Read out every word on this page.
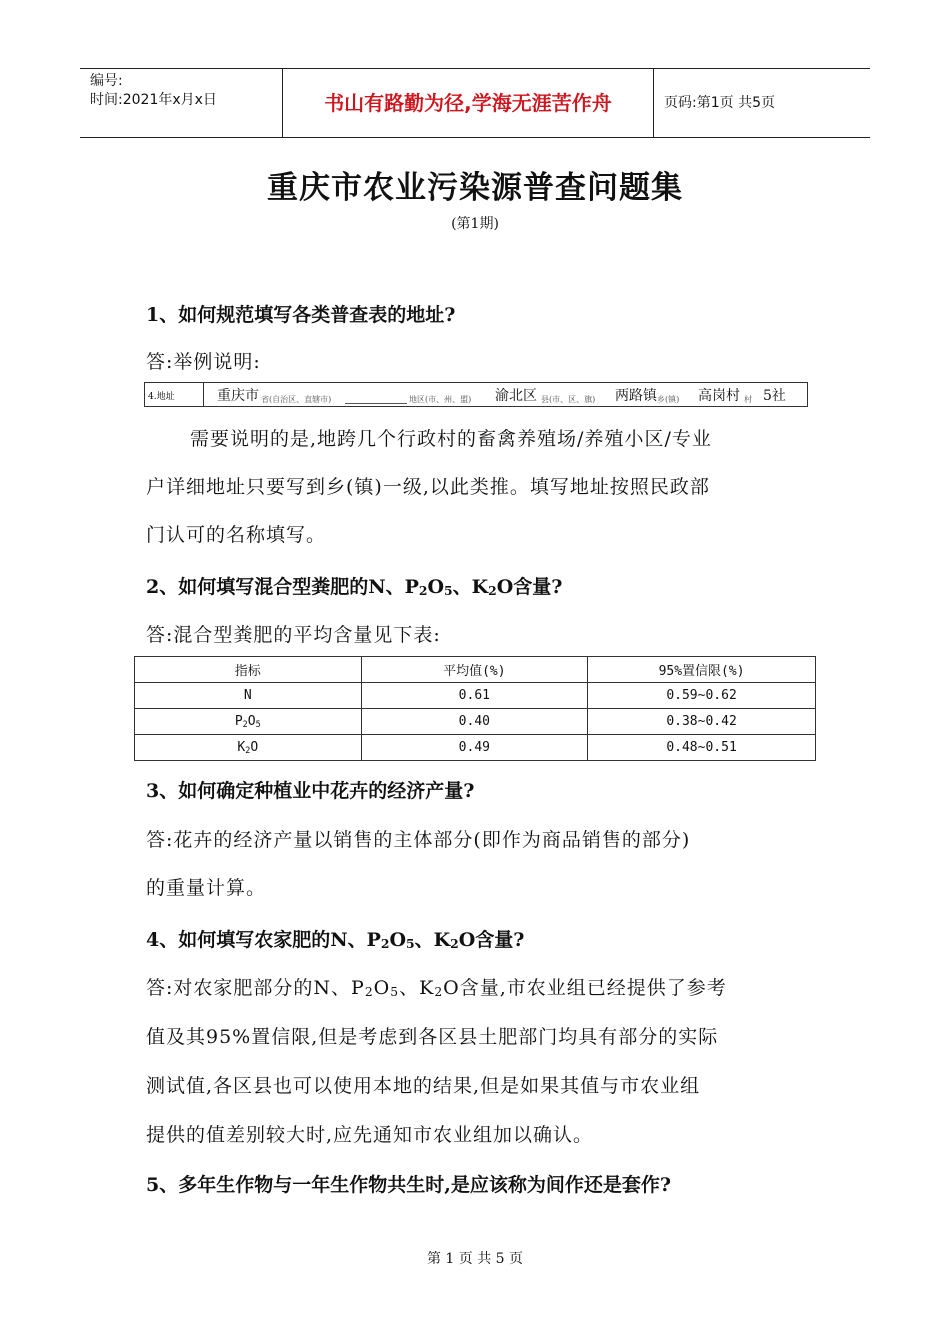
编号:
时间:2021年x月x日	书山有路勤为径,学海无涯苦作舟	页码:第1页 共5页
重庆市农业污染源普查问题集
(第1期)
1、如何规范填写各类普查表的地址?
答:举例说明:
4.地址	重庆市 省(自治区、直辖市)	地区(市、州、盟) 渝北区 县(市、区、旗) 两路镇 乡(镇) 高岗村 村 5社
需要说明的是,地跨几个行政村的畜禽养殖场/养殖小区/专业
户详细地址只要写到乡(镇)一级,以此类推。填写地址按照民政部
门认可的名称填写。
2、如何填写混合型粪肥的N、$P_2O_5$、$K_2O$含量?
答:混合型粪肥的平均含量见下表:
指标	平均值(%)	95%置信限(%)
N	0.61	0.59~0.62
$P_2O_5$	0.40	0.38~0.42
$K_2O$	0.49	0.48~0.51
3、如何确定种植业中花卉的经济产量?
答:花卉的经济产量以销售的主体部分(即作为商品销售的部分)
的重量计算。
4、如何填写农家肥的N、$P_2O_5$、$K_2O$含量?
答:对农家肥部分的N、$P_2O_5$、$K_2O$含量,市农业组已经提供了参考
值及其95%置信限,但是考虑到各区县土肥部门均具有部分的实际
测试值,各区县也可以使用本地的结果,但是如果其值与市农业组
提供的值差别较大时,应先通知市农业组加以确认。
5、多年生作物与一年生作物共生时,是应该称为间作还是套作?
第 1 页 共 5 页
